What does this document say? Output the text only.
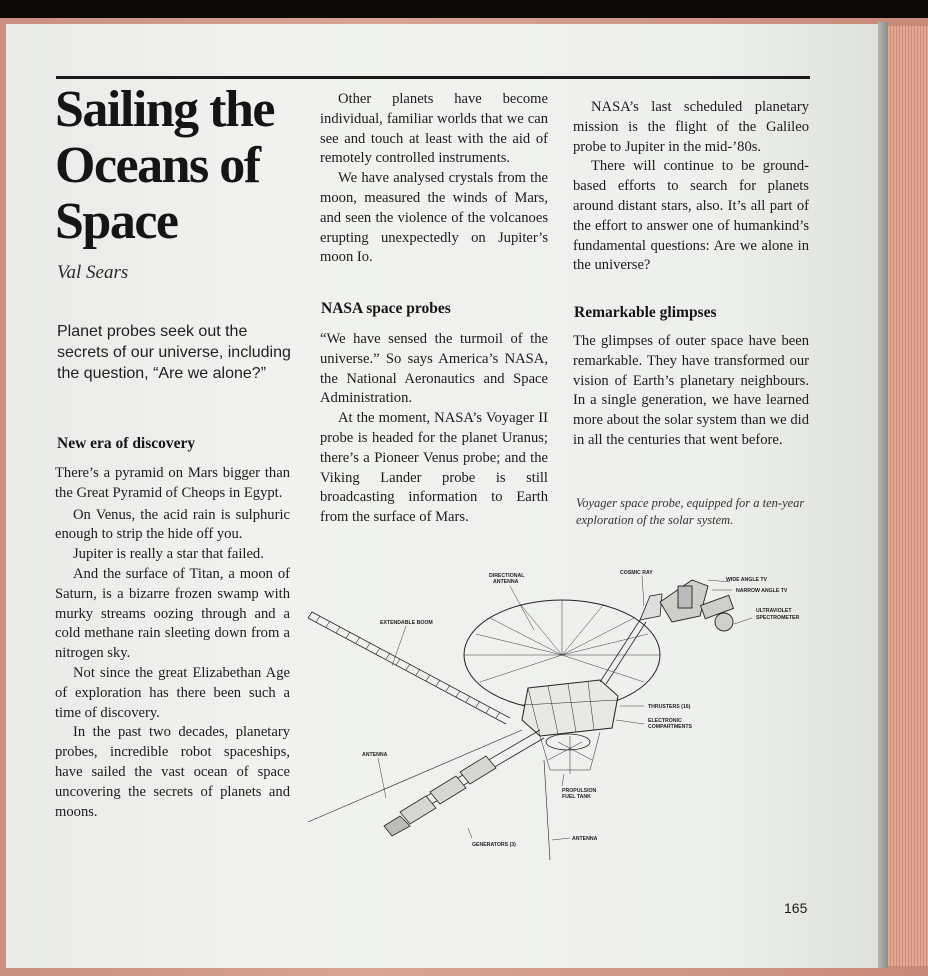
Sailing the Oceans of Space

Val Sears

Planet probes seek out the secrets of our universe, including the question, “Are we alone?”

New era of discovery

There’s a pyramid on Mars bigger than the Great Pyramid of Cheops in Egypt.

On Venus, the acid rain is sulphuric enough to strip the hide off you.

Jupiter is really a star that failed.

And the surface of Titan, a moon of Saturn, is a bizarre frozen swamp with murky streams oozing through and a cold methane rain sleeting down from a nitrogen sky.

Not since the great Elizabethan Age of exploration has there been such a time of discovery.

In the past two decades, planetary probes, incredible robot spaceships, have sailed the vast ocean of space uncovering the secrets of planets and moons.

Other planets have become individual, familiar worlds that we can see and touch at least with the aid of remotely controlled instruments.

We have analysed crystals from the moon, measured the winds of Mars, and seen the violence of the volcanoes erupting unexpectedly on Jupiter’s moon Io.

NASA space probes

“We have sensed the turmoil of the universe.” So says America’s NASA, the National Aeronautics and Space Administration.

At the moment, NASA’s Voyager II probe is headed for the planet Uranus; there’s a Pioneer Venus probe; and the Viking Lander probe is still broadcasting information to Earth from the surface of Mars.

NASA’s last scheduled planetary mission is the flight of the Galileo probe to Jupiter in the mid-’80s.

There will continue to be ground-based efforts to search for planets around distant stars, also. It’s all part of the effort to answer one of humankind’s fundamental questions: Are we alone in the universe?

Remarkable glimpses

The glimpses of outer space have been remarkable. They have transformed our vision of Earth’s planetary neighbours. In a single generation, we have learned more about the solar system than we did in all the centuries that went before.

Voyager space probe, equipped for a ten-year exploration of the solar system.

DIRECTIONAL
ANTENNA
COSMIC RAY
WIDE ANGLE TV
NARROW ANGLE TV
ULTRAVIOLET
SPECTROMETER
EXTENDABLE BOOM
THRUSTERS (16)
ELECTRONIC
COMPARTMENTS
ANTENNA
PROPULSION
FUEL TANK
ANTENNA
GENERATORS (3)

165
